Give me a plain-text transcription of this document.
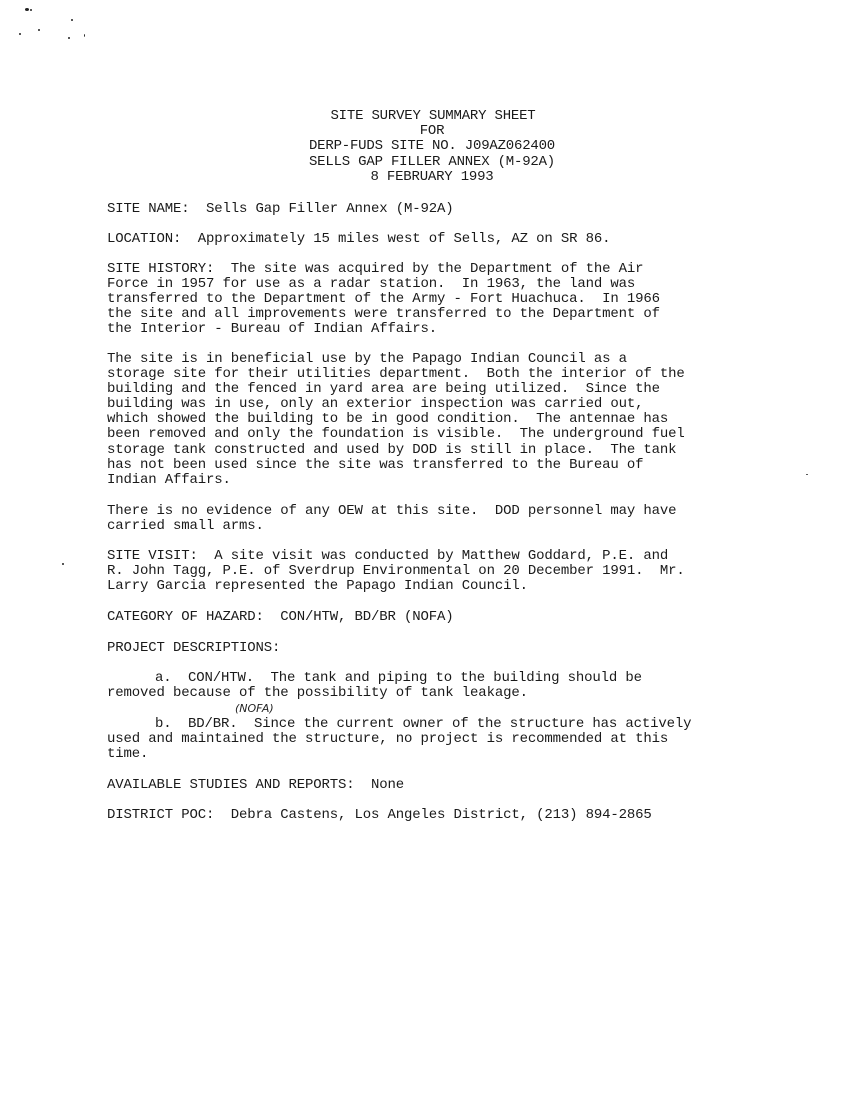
SITE SURVEY SUMMARY SHEET
FOR
DERP-FUDS SITE NO. J09AZ062400
SELLS GAP FILLER ANNEX (M-92A)
8 FEBRUARY 1993
SITE NAME:  Sells Gap Filler Annex (M-92A)
LOCATION:  Approximately 15 miles west of Sells, AZ on SR 86.
SITE HISTORY:  The site was acquired by the Department of the Air
Force in 1957 for use as a radar station.  In 1963, the land was
transferred to the Department of the Army - Fort Huachuca.  In 1966
the site and all improvements were transferred to the Department of
the Interior - Bureau of Indian Affairs.
The site is in beneficial use by the Papago Indian Council as a
storage site for their utilities department.  Both the interior of the
building and the fenced in yard area are being utilized.  Since the
building was in use, only an exterior inspection was carried out,
which showed the building to be in good condition.  The antennae has
been removed and only the foundation is visible.  The underground fuel
storage tank constructed and used by DOD is still in place.  The tank
has not been used since the site was transferred to the Bureau of
Indian Affairs.
There is no evidence of any OEW at this site.  DOD personnel may have
carried small arms.
SITE VISIT:  A site visit was conducted by Matthew Goddard, P.E. and
R. John Tagg, P.E. of Sverdrup Environmental on 20 December 1991.  Mr.
Larry Garcia represented the Papago Indian Council.
CATEGORY OF HAZARD:  CON/HTW, BD/BR (NOFA)
PROJECT DESCRIPTIONS:
a.  CON/HTW.  The tank and piping to the building should be
removed because of the possibility of tank leakage.
(NOFA)
b.  BD/BR.  Since the current owner of the structure has actively
used and maintained the structure, no project is recommended at this
time.
AVAILABLE STUDIES AND REPORTS:  None
DISTRICT POC:  Debra Castens, Los Angeles District, (213) 894-2865
